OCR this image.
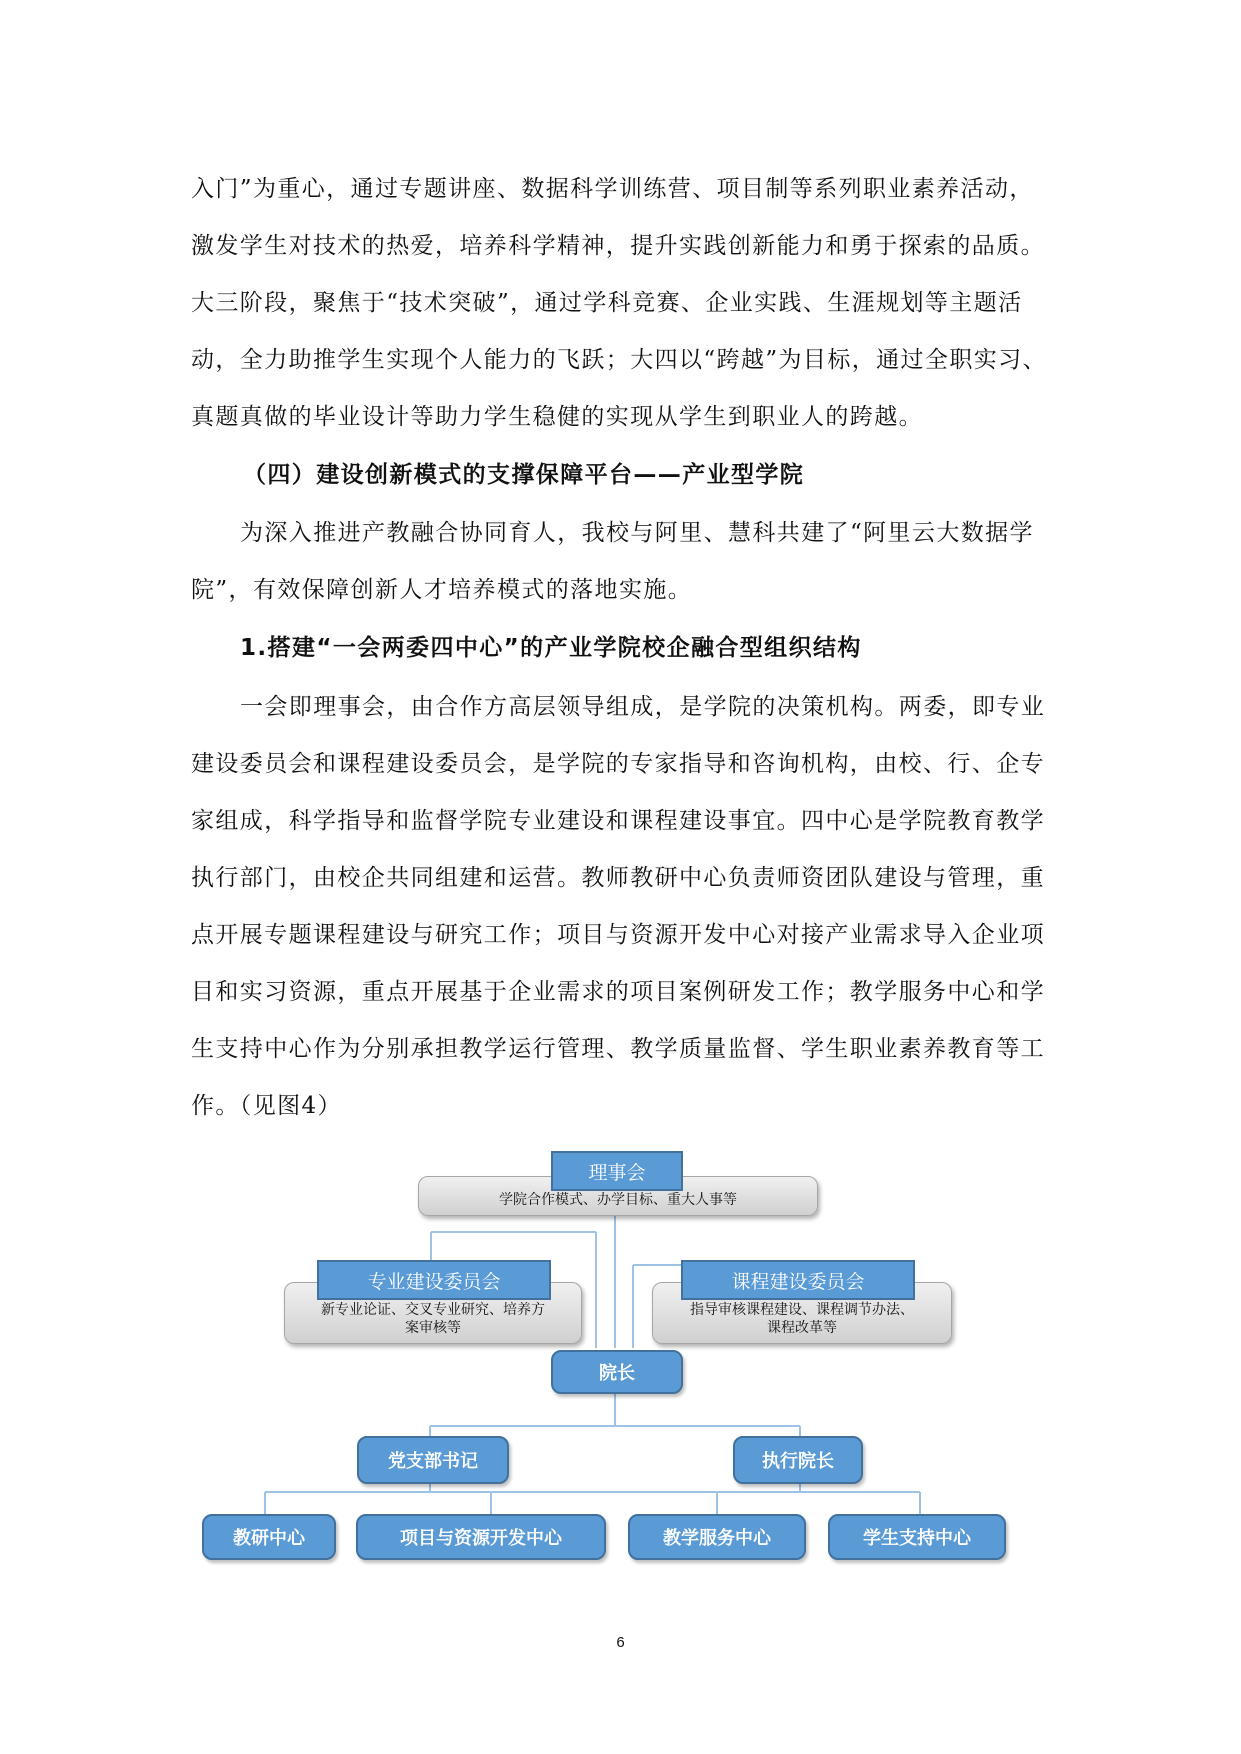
入门”为重心，通过专题讲座、数据科学训练营、项目制等系列职业素养活动，
激发学生对技术的热爱，培养科学精神，提升实践创新能力和勇于探索的品质。
大三阶段，聚焦于“技术突破”，通过学科竞赛、企业实践、生涯规划等主题活
动，全力助推学生实现个人能力的飞跃；大四以“跨越”为目标，通过全职实习、
真题真做的毕业设计等助力学生稳健的实现从学生到职业人的跨越。
（四）建设创新模式的支撑保障平台——产业型学院
为深入推进产教融合协同育人，我校与阿里、慧科共建了“阿里云大数据学
院”，有效保障创新人才培养模式的落地实施。
1.搭建“一会两委四中心”的产业学院校企融合型组织结构
一会即理事会，由合作方高层领导组成，是学院的决策机构。两委，即专业
建设委员会和课程建设委员会，是学院的专家指导和咨询机构，由校、行、企专
家组成，科学指导和监督学院专业建设和课程建设事宜。四中心是学院教育教学
执行部门，由校企共同组建和运营。教师教研中心负责师资团队建设与管理，重
点开展专题课程建设与研究工作；项目与资源开发中心对接产业需求导入企业项
目和实习资源，重点开展基于企业需求的项目案例研发工作；教学服务中心和学
生支持中心作为分别承担教学运行管理、教学质量监督、学生职业素养教育等工
作。（见图4）
学院合作模式、办学目标、重大人事等
理事会
新专业论证、交叉专业研究、培养方
案审核等
专业建设委员会
指导审核课程建设、课程调节办法、
课程改革等
课程建设委员会
院长
党支部书记	执行院长
教研中心	项目与资源开发中心	教学服务中心	学生支持中心
6
